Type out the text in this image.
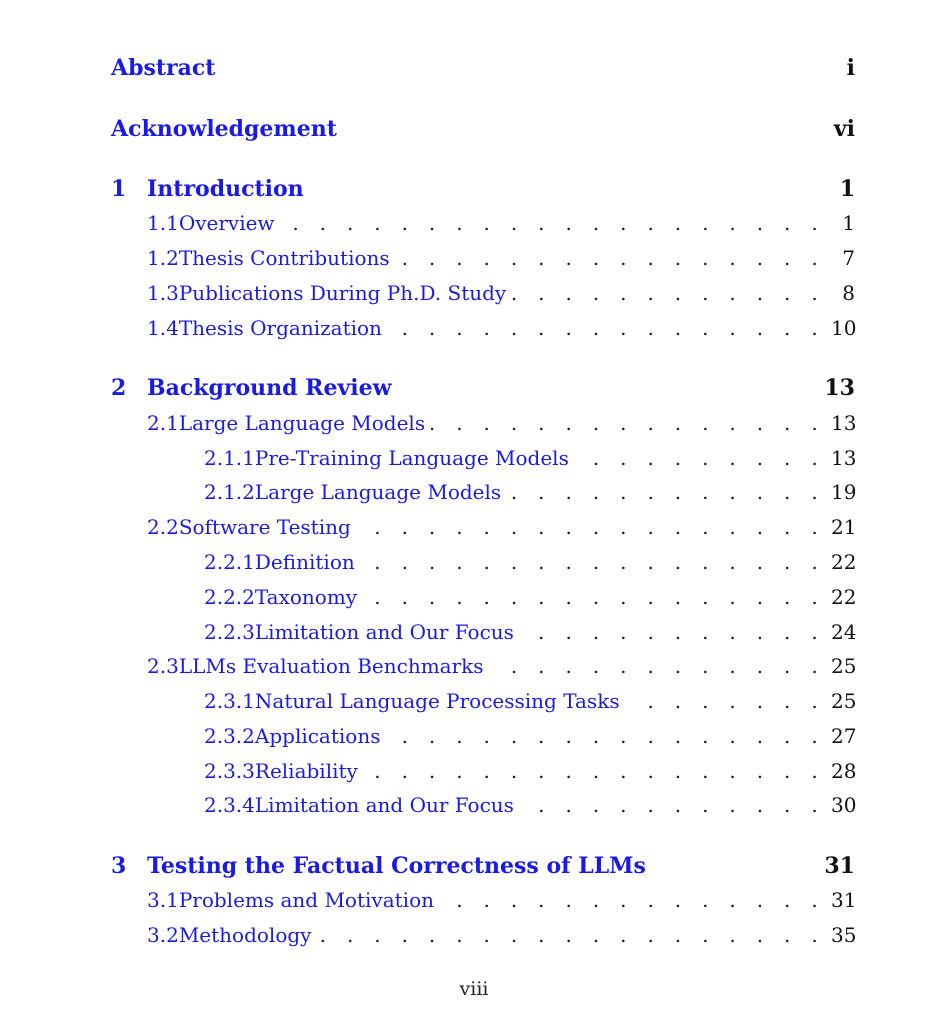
Abstract	i
Acknowledgement	vi
1 Introduction	1
1.1 Overview . . .	1
1.2 Thesis Contributions . . .	7
1.3 Publications During Ph.D. Study . . .	8
1.4 Thesis Organization . . .	10
2 Background Review	13
2.1 Large Language Models . . .	13
2.1.1 Pre-Training Language Models . . .	13
2.1.2 Large Language Models . . .	19
2.2 Software Testing . . .	21
2.2.1 Definition . . .	22
2.2.2 Taxonomy . . .	22
2.2.3 Limitation and Our Focus . . .	24
2.3 LLMs Evaluation Benchmarks . . .	25
2.3.1 Natural Language Processing Tasks . . .	25
2.3.2 Applications . . .	27
2.3.3 Reliability . . .	28
2.3.4 Limitation and Our Focus . . .	30
3 Testing the Factual Correctness of LLMs	31
3.1 Problems and Motivation . . .	31
3.2 Methodology . . .	35
viii
